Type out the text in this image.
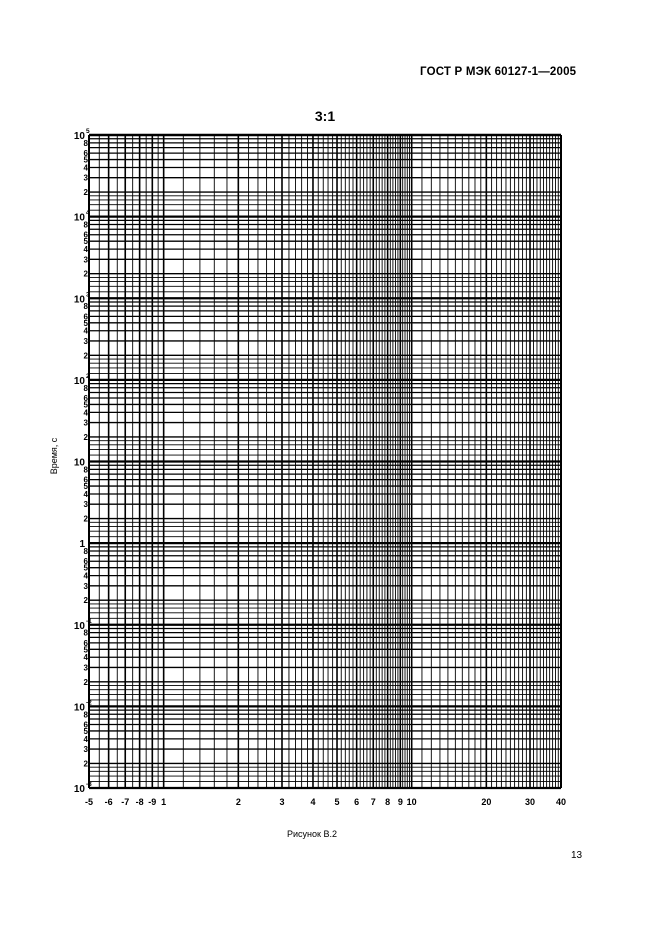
ГОСТ Р МЭК 60127-1—2005
3:1
Время, с
-5 -6 -7 -8 -9 1	2	3	4 5 6 7 8 9 10	20	30 40
10 -3
2
3
4
5
6
8
10 -2
2
3
4
5
6
8
10 -1
2
3
4
5
6
8
1
2
3
4
5
6
8
10
2
3
4
5
6
8
10 2
2
3
4
5
6
8
10 3
2
3
4
5
6
8
10 4
2
3
4
5
6
8
10 5
Рисунок В.2
13
